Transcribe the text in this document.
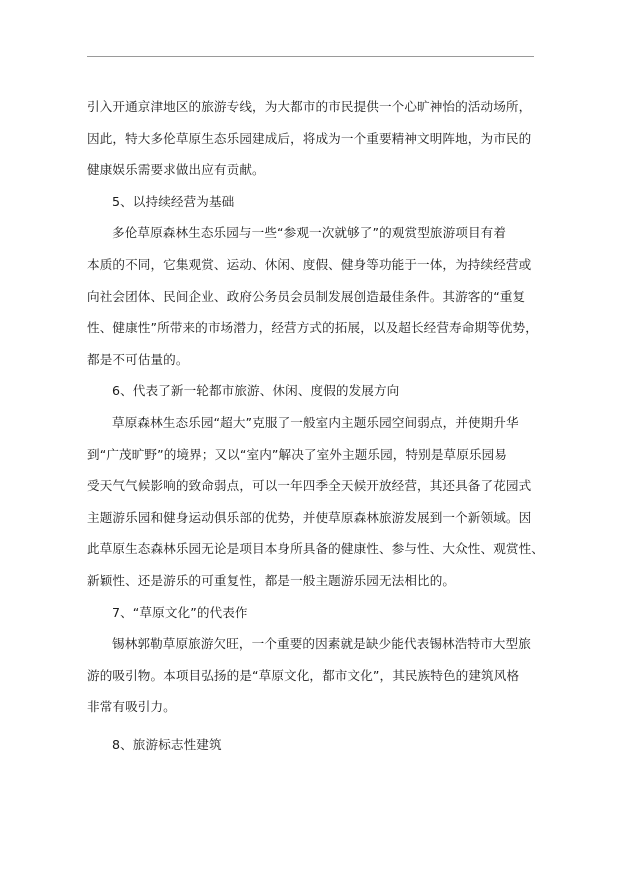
引入开通京津地区的旅游专线，为大都市的市民提供一个心旷神怡的活动场所，
因此，特大多伦草原生态乐园建成后，将成为一个重要精神文明阵地，为市民的
健康娱乐需要求做出应有贡献。

5、以持续经营为基础

多伦草原森林生态乐园与一些“参观一次就够了”的观赏型旅游项目有着
本质的不同，它集观赏、运动、休闲、度假、健身等功能于一体，为持续经营或
向社会团体、民间企业、政府公务员会员制发展创造最佳条件。其游客的“重复
性、健康性”所带来的市场潜力，经营方式的拓展，以及超长经营寿命期等优势，
都是不可估量的。

6、代表了新一轮都市旅游、休闲、度假的发展方向

草原森林生态乐园“超大”克服了一般室内主题乐园空间弱点，并使期升华
到“广茂旷野”的境界；又以“室内”解决了室外主题乐园，特别是草原乐园易
受天气气候影响的致命弱点，可以一年四季全天候开放经营，其还具备了花园式
主题游乐园和健身运动俱乐部的优势，并使草原森林旅游发展到一个新领域。因
此草原生态森林乐园无论是项目本身所具备的健康性、参与性、大众性、观赏性、
新颖性、还是游乐的可重复性，都是一般主题游乐园无法相比的。

7、“草原文化”的代表作

锡林郭勒草原旅游欠旺，一个重要的因素就是缺少能代表锡林浩特市大型旅
游的吸引物。本项目弘扬的是“草原文化，都市文化”，其民族特色的建筑风格
非常有吸引力。

8、旅游标志性建筑
